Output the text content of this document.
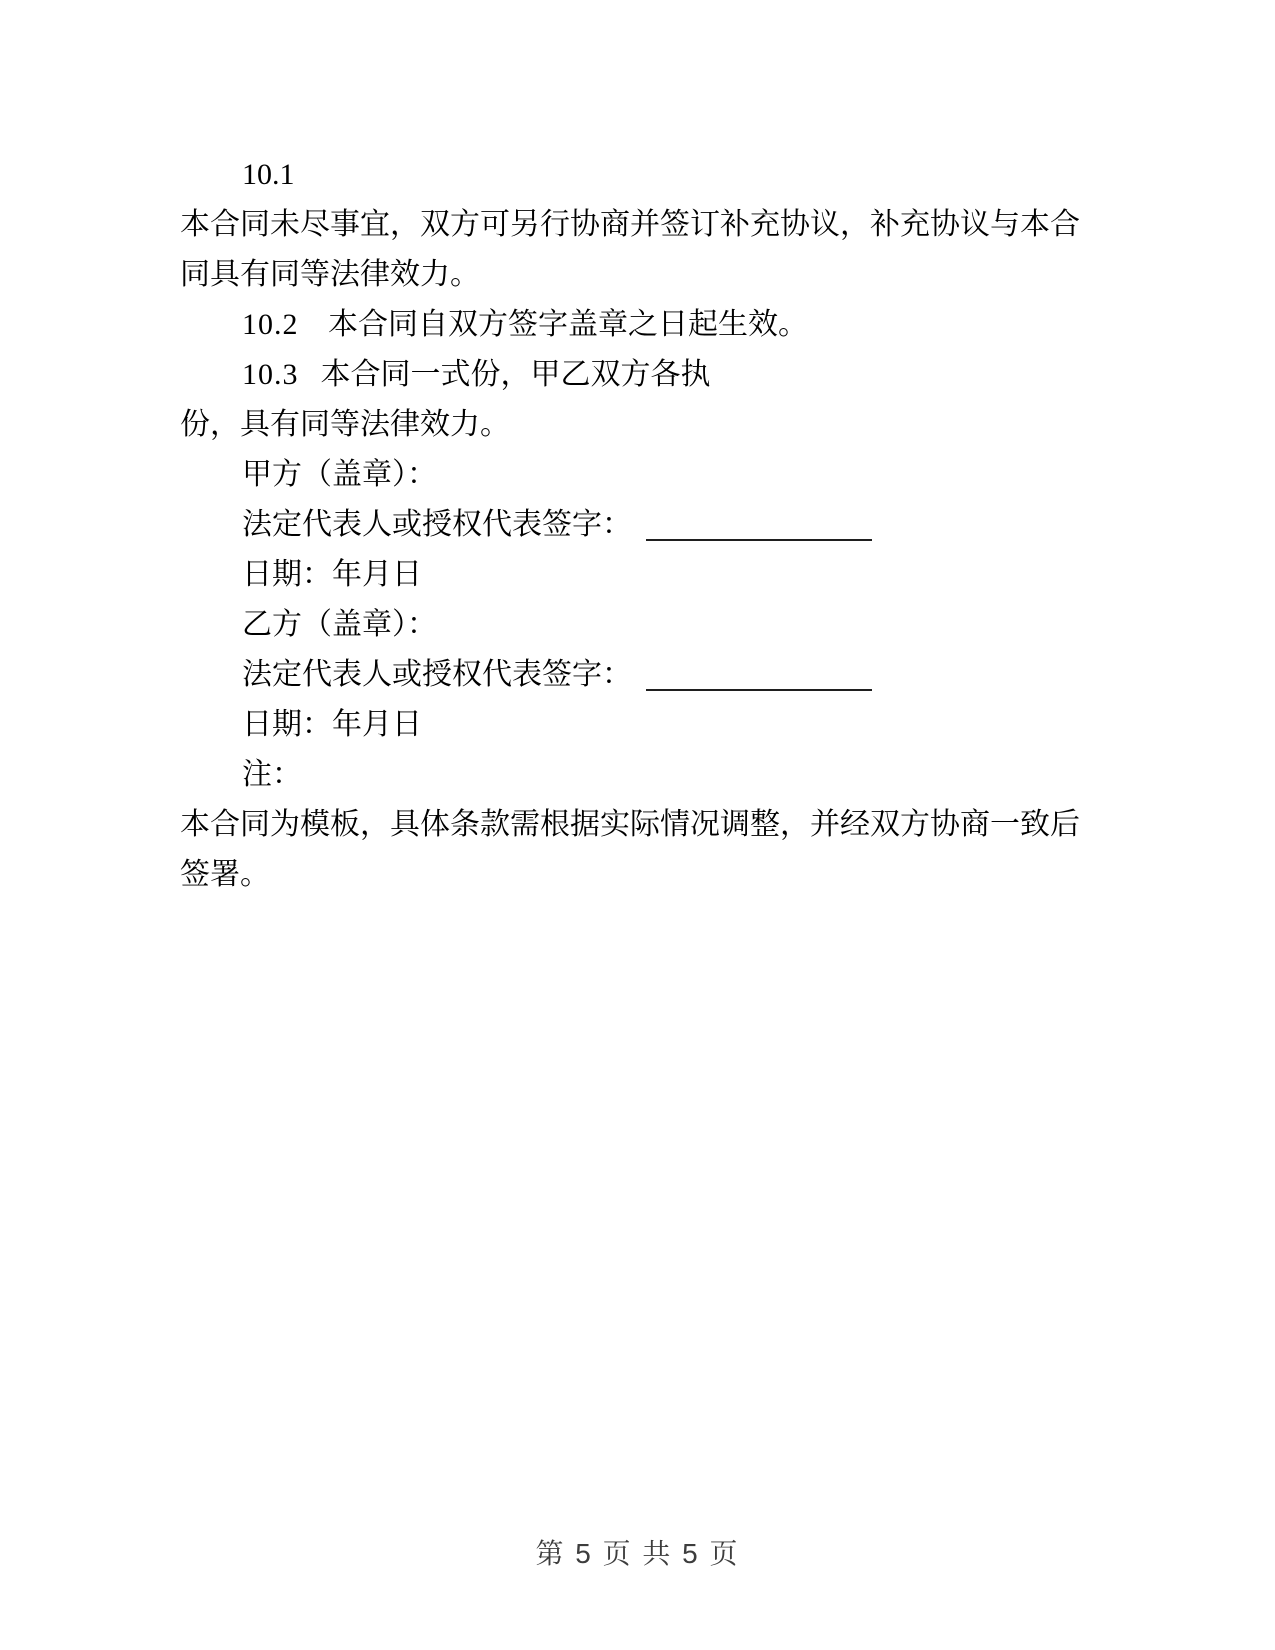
10.1
本合同未尽事宜，双方可另行协商并签订补充协议，补充协议与本合
同具有同等法律效力。
10.2 本合同自双方签字盖章之日起生效。
10.3 本合同一式 份，甲乙双方各执
份，具有同等法律效力。
甲方（盖章）：
法定代表人或授权代表签字：
日期： 年 月 日
乙方（盖章）：
法定代表人或授权代表签字：
日期： 年 月 日
注：
本合同为模板，具体条款需根据实际情况调整，并经双方协商一致后
签署。
第 5 页 共 5 页
